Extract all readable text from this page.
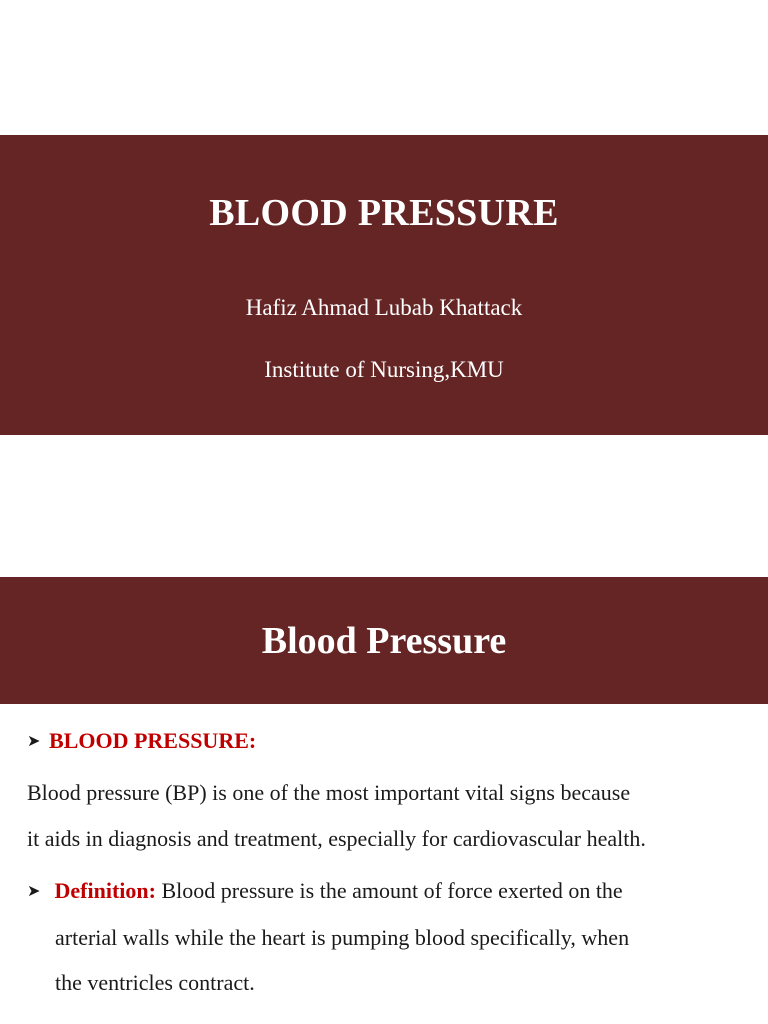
BLOOD PRESSURE
Hafiz Ahmad Lubab Khattack
Institute of Nursing,KMU
Blood Pressure
➤ BLOOD PRESSURE:
Blood pressure (BP) is one of the most important vital signs because
it aids in diagnosis and treatment, especially for cardiovascular health.
➤ Definition: Blood pressure is the amount of force exerted on the
arterial walls while the heart is pumping blood specifically, when
the ventricles contract.
